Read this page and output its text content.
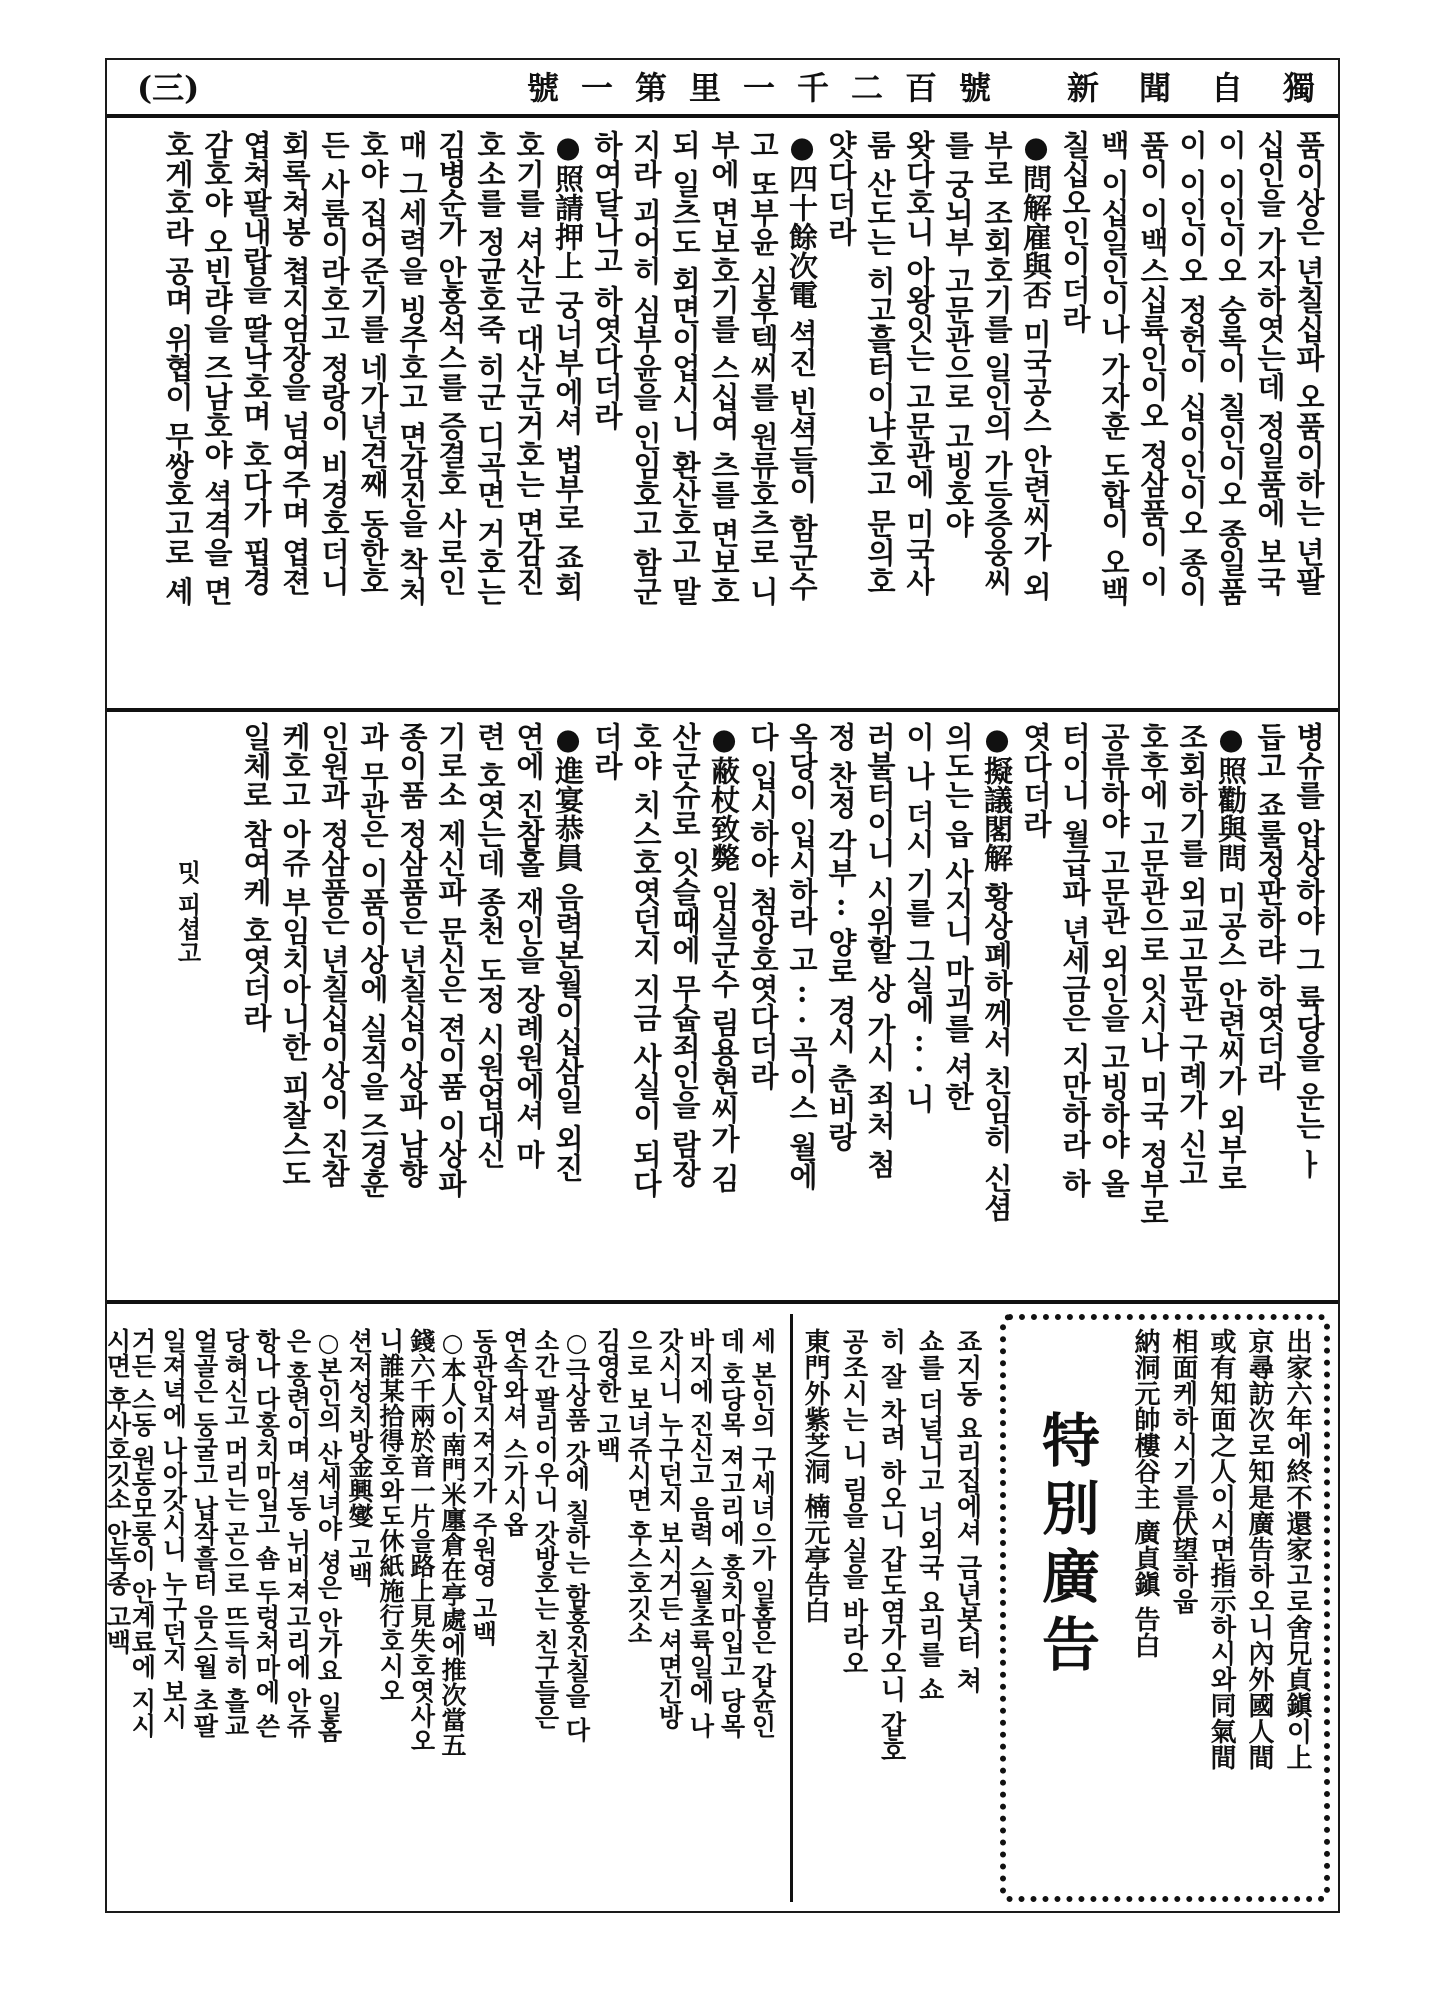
(三)	號一第里一千二百號 新聞自獨
품이상은 년칠십파 오품이하는 년팔
십인을 가자하엿는데 정일품에 보국
이 이인이오 숭록이 칠인이오 종일품
이 이인이오 정헌이 십이인이오 종이
품이 이백스십륙인이오 정삼품이 이
백 이십일인이나 가자훈 도합이 오백
칠십오인이더라
●問解雇與否 미국공스 안련씨가 외
부로 조회호기를 일인의 가등증웅씨
를 궁뇌부 고문관으로 고빙호야
왓다호니 아왕잇는 고문관에 미국사
룸 산도는 히고흘터이냐호고 문의호
얏다더라
●四十餘次電 셕진 빈셕들이 함군수
고 또부윤 심후텍씨를 원류호츠로 니
부에 면보호기를 스십여 츠를 면보호
되 일츠도 회면이업시니 환산호고 말
지라 괴어히 심부윤을 인임호고 함군
하여달나고 하엿다더라
●照請押上 궁너부에셔 법부로 죠회
호기를 셔산군 대산군거호는 면감진
호소를 정균호죽 히군 디곡면 거호는
김병순가 안홍석스를 증결호 사로인
매 그세력을 빙주호고 면감진을 착처
호야 집어준기를 네가년견째 동한호
든 사룸이라호고 정랑이 비경호더니
회록쳐봉 쳡지엄장을 넘여주며 엽젼
엽쳐팔내랍을 딸낙호며 호다가 핍경
감호야 오빈랴을 즈남호야 셕격을 면
호게호라 공며 위협이 무쌍호고로 셰
병슈를 압상하야 그 륙당을 운는 ㅏ
듭고 죠룰정판하랴 하엿더라
●照勸與問 미공스 안련씨가 외부로
조회하기를 외교고문관 구례가 신고
호후에 고문관으로 잇시나 미국 정부로
공류하야 고문관 외인을 고빙하야 올
터이니 월급파 년세금은 지만하라 하
엿다더라
●擬議閣解 황상폐하께서 친임히 신셤
의도는 읍 사지니 마괴를 셔한
이 나 더시 기를 그실에 ·· · 니
러불터이니 시위할 상 가시 죄처 첨
정 찬정 각부 ·· 양로 경시 춘비랑
옥당이 입시하라 고 ·· · 곡이스 월에
다 입시하야 첨앙호엿다더라
●蔽杖致斃 임실군수 림용현씨가 김
산군슈로 잇슬때에 무숩죄인을 람장
호야 치스호엿던지 지금 사실이 되다
더라
●進宴恭員 음력본월이십삼일 외진
연에 진참홀 재인을 장례원에셔 마
련 호엿는데 종천 도정 시원업대신
기로소 제신파 문신은 젼이품 이상파
종이품 정삼품은 년칠십이상파 남향
과 무관은 이품이상에 실직을 즈경훈
인원과 정삼품은 년칠십이상이 진참
케호고 아쥬 부임치아니한 피찰스도
일체로 참여케 호엿더라
밋 피셥고
出家六年에終不還家고로舍兄貞鎭이上
京尋訪次로知是廣告하오니內外國人間
或有知面之人이시면指示하시와同氣間
相面케하시기를伏望하웁
納洞元帥樓谷主 廣貞鎭 告白
特別廣告
죠지동 요리집에셔 금년봇터 쳐
쇼를 더널니고 너외국 요리를 쇼
히 잘 차려 하오니 갑도염가오니 갑호
공조시는 니 림을 실을 바라오
東門外紫芝洞 楠元亭告白
세 본인의 구세녀으가 일홈은 갑슌인
데 호당목 져고리에 홍치마입고 당목
바지에 진신고 음력 스월초륙일에 나
갓시니 누구던지 보시거든 셔면긴방
으로 보녀쥬시면 후스호깃소
김영한 고백
○극상품 갓에 칠하는 함홍진칠을 다
소간 팔리이우니 갓방호는 친구들은
연속와셔 스가시옵
동관압지져지가 주원영 고백
○本人이南門米廛倉在亭處에推次當五
錢六千兩於音一片을路上見失호엿사오
니誰某拾得호와도休紙施行호시오
션저성치방金興燮 고백
○본인의 산세녀야 셩은 안가요 일홈
은 홍련이며 셕동 뉘비져고리에 안쥬
항나 다홍치마입고 숌 두렁처마에 쓴
당혀신고 머리는 곤으로 뜨득히 흘교
얼골은 둥굴고 납작흘터 음스월 초팔
일져녁에 나아갓시니 누구던지 보시
거든 스동 원동모롱이 안계료에 지시
시면 후사호깃소 안독종 고백
